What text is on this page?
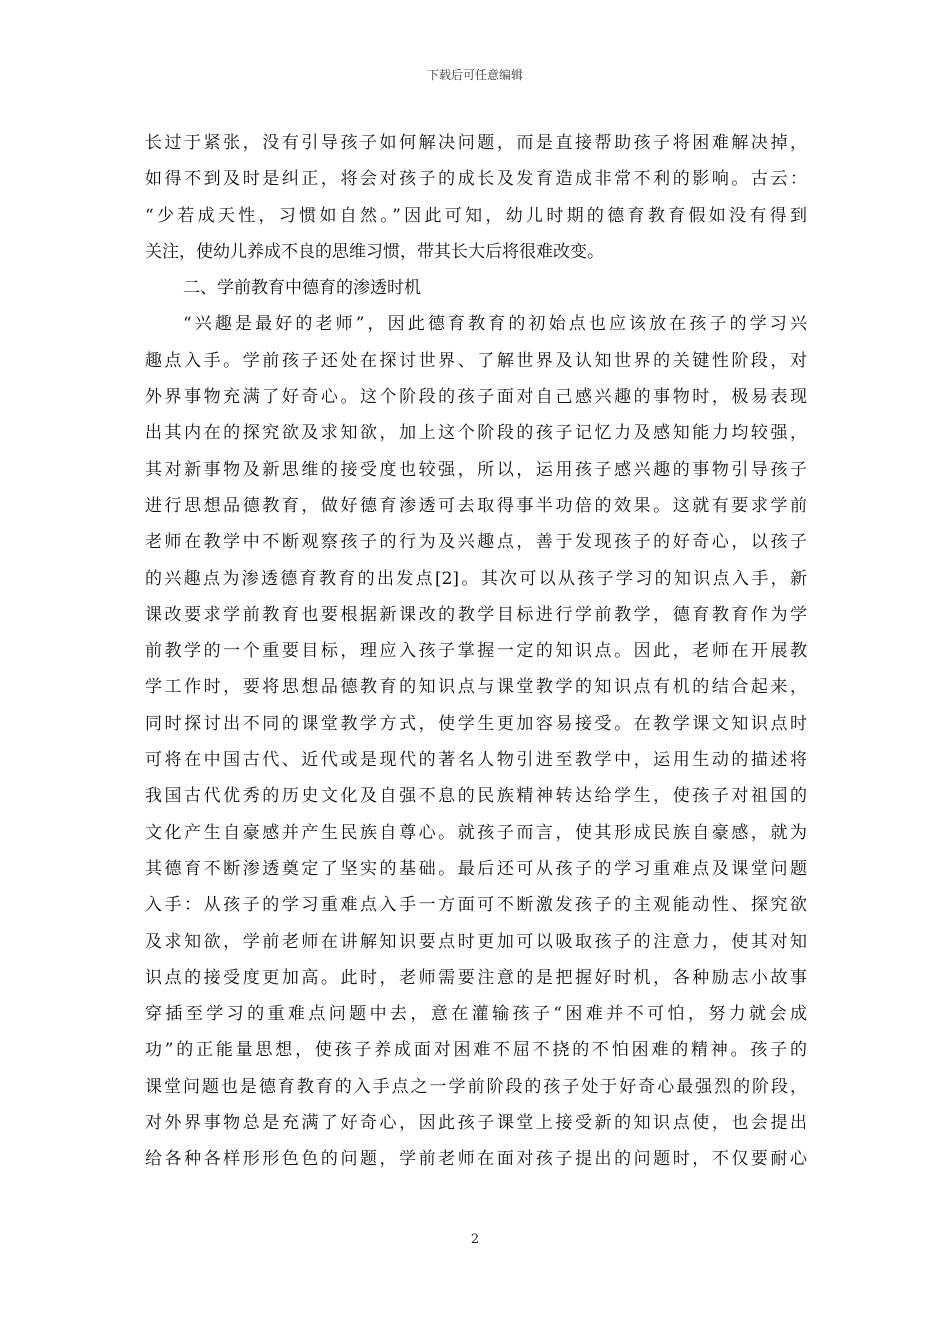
下载后可任意编辑
长过于紧张，没有引导孩子如何解决问题，而是直接帮助孩子将困难解决掉，
如得不到及时是纠正，将会对孩子的成长及发育造成非常不利的影响。古云：
“少若成天性，习惯如自然。”因此可知，幼儿时期的德育教育假如没有得到
关注，使幼儿养成不良的思维习惯，带其长大后将很难改变。
二、学前教育中德育的渗透时机
“兴趣是最好的老师”，因此德育教育的初始点也应该放在孩子的学习兴
趣点入手。学前孩子还处在探讨世界、了解世界及认知世界的关键性阶段，对
外界事物充满了好奇心。这个阶段的孩子面对自己感兴趣的事物时，极易表现
出其内在的探究欲及求知欲，加上这个阶段的孩子记忆力及感知能力均较强，
其对新事物及新思维的接受度也较强，所以，运用孩子感兴趣的事物引导孩子
进行思想品德教育，做好德育渗透可去取得事半功倍的效果。这就有要求学前
老师在教学中不断观察孩子的行为及兴趣点，善于发现孩子的好奇心，以孩子
的兴趣点为渗透德育教育的出发点[2]。其次可以从孩子学习的知识点入手，新
课改要求学前教育也要根据新课改的教学目标进行学前教学，德育教育作为学
前教学的一个重要目标，理应入孩子掌握一定的知识点。因此，老师在开展教
学工作时，要将思想品德教育的知识点与课堂教学的知识点有机的结合起来，
同时探讨出不同的课堂教学方式，使学生更加容易接受。在教学课文知识点时
可将在中国古代、近代或是现代的著名人物引进至教学中，运用生动的描述将
我国古代优秀的历史文化及自强不息的民族精神转达给学生，使孩子对祖国的
文化产生自豪感并产生民族自尊心。就孩子而言，使其形成民族自豪感，就为
其德育不断渗透奠定了坚实的基础。最后还可从孩子的学习重难点及课堂问题
入手：从孩子的学习重难点入手一方面可不断激发孩子的主观能动性、探究欲
及求知欲，学前老师在讲解知识要点时更加可以吸取孩子的注意力，使其对知
识点的接受度更加高。此时，老师需要注意的是把握好时机，各种励志小故事
穿插至学习的重难点问题中去，意在灌输孩子“困难并不可怕，努力就会成
功”的正能量思想，使孩子养成面对困难不屈不挠的不怕困难的精神。孩子的
课堂问题也是德育教育的入手点之一学前阶段的孩子处于好奇心最强烈的阶段，
对外界事物总是充满了好奇心，因此孩子课堂上接受新的知识点使，也会提出
给各种各样形形色色的问题，学前老师在面对孩子提出的问题时，不仅要耐心
2
